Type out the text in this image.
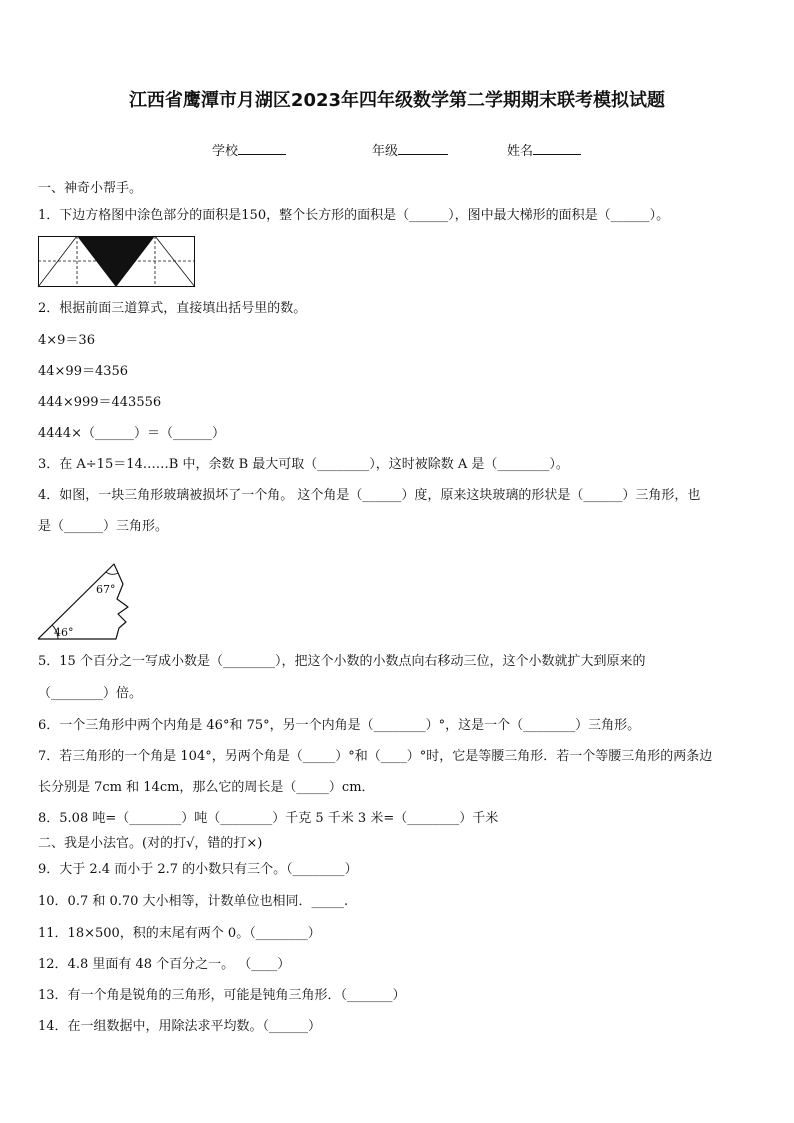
江西省鹰潭市月湖区2023年四年级数学第二学期期末联考模拟试题
学校	年级	姓名
一、神奇小帮手。
1．下边方格图中涂色部分的面积是150，整个长方形的面积是（______），图中最大梯形的面积是（______）。
2．根据前面三道算式，直接填出括号里的数。
4×9＝36
44×99＝4356
444×999＝443556
4444×（______）＝（______）
3．在 A÷15＝14……B 中，余数 B 最大可取（________），这时被除数 A 是（________）。
4．如图，一块三角形玻璃被损坏了一个角。 这个角是（______）度，原来这块玻璃的形状是（______）三角形，也
是（______）三角形。
67°
46°
5．15 个百分之一写成小数是（________），把这个小数的小数点向右移动三位，这个小数就扩大到原来的
（________）倍。
6．一个三角形中两个内角是 46°和 75°，另一个内角是（________）°，这是一个（________）三角形。
7．若三角形的一个角是 104°，另两个角是（_____）°和（____）°时，它是等腰三角形．若一个等腰三角形的两条边
长分别是 7cm 和 14cm，那么它的周长是（_____）cm．
8．5.08 吨=（________）吨（________）千克 5 千米 3 米=（________）千米
二、我是小法官。(对的打√，错的打×)
9．大于 2.4 而小于 2.7 的小数只有三个。（________）
10．0.7 和 0.70 大小相等，计数单位也相同．_____.
11．18×500，积的末尾有两个 0。（________）
12．4.8 里面有 48 个百分之一。 （____）
13．有一个角是锐角的三角形，可能是钝角三角形．（_______）
14．在一组数据中，用除法求平均数。（______）
